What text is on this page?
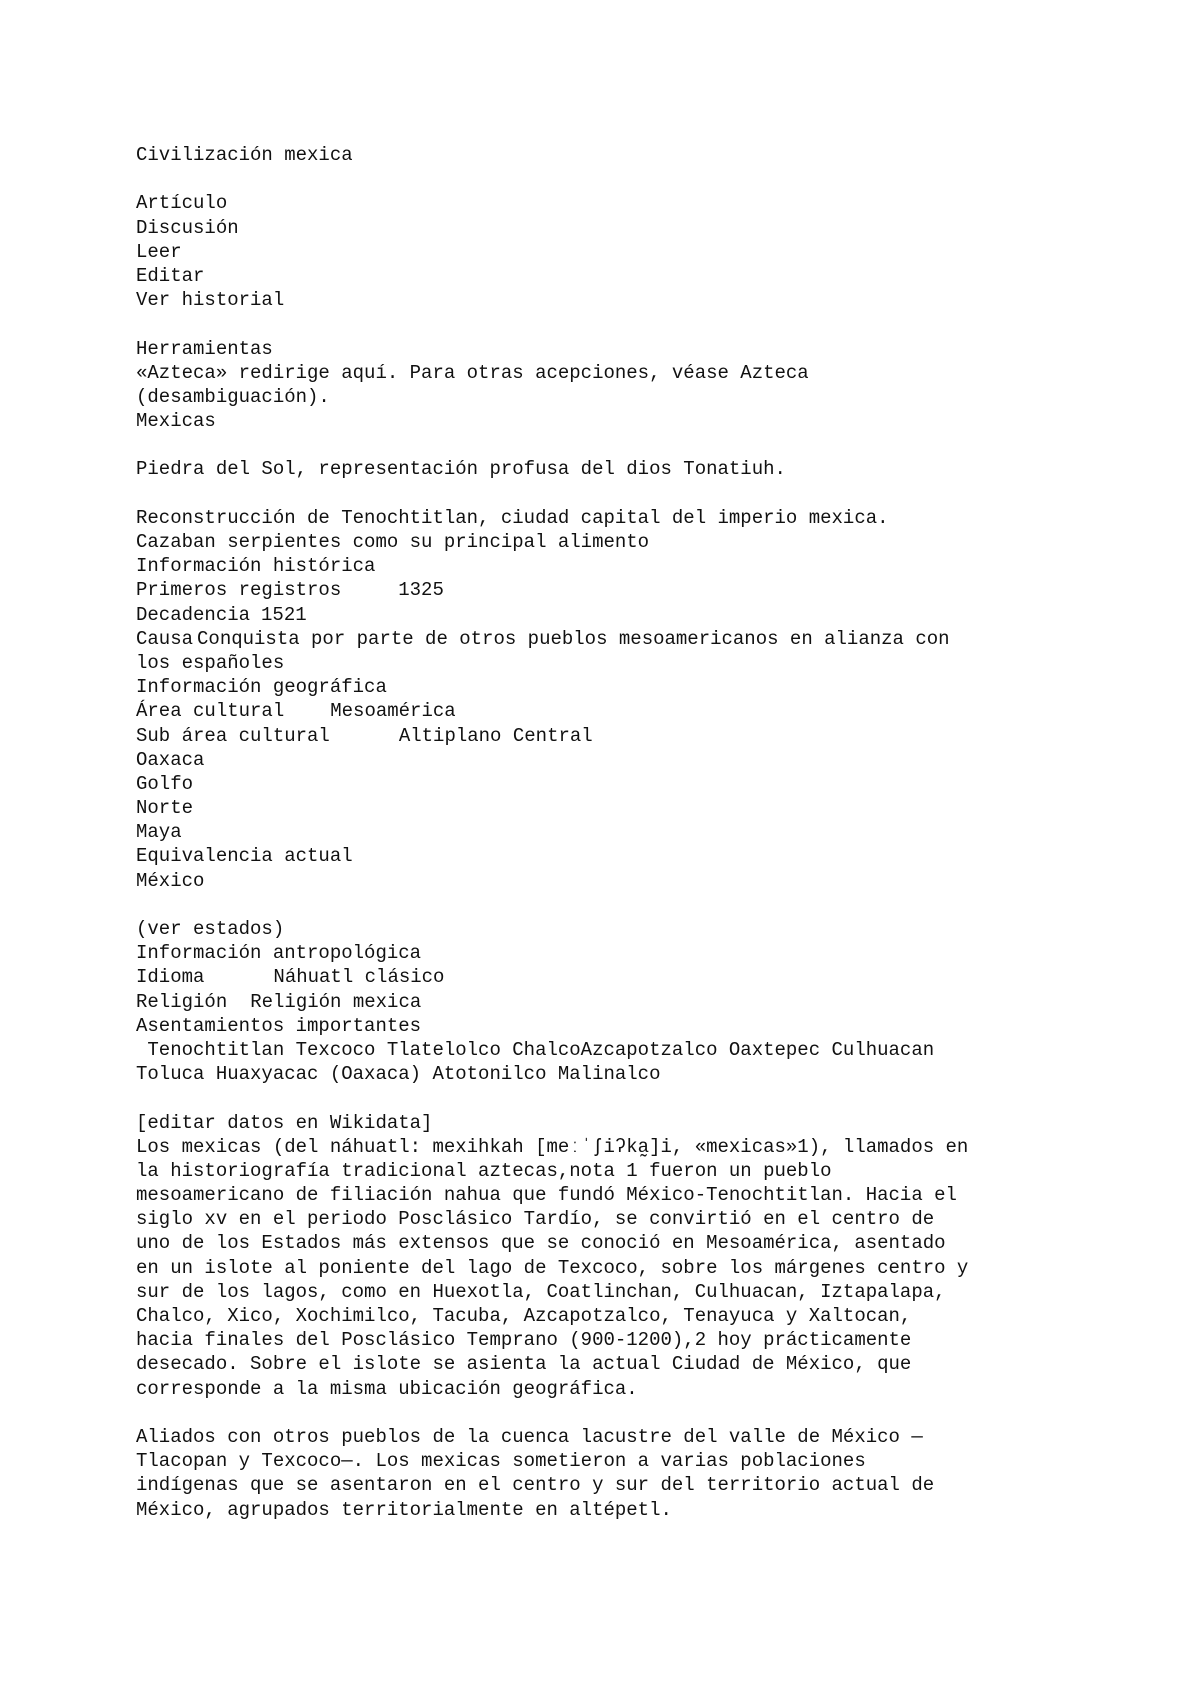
Civilización mexica
Artículo
Discusión
Leer
Editar
Ver historial
Herramientas
«Azteca» redirige aquí. Para otras acepciones, véase Azteca
(desambiguación).
Mexicas
Piedra del Sol, representación profusa del dios Tonatiuh.
Reconstrucción de Tenochtitlan, ciudad capital del imperio mexica.
Cazaban serpientes como su principal alimento
Información histórica
Primeros registros	1325
Decadencia 1521
Causa Conquista por parte de otros pueblos mesoamericanos en alianza con
los españoles
Información geográfica
Área cultural Mesoamérica
Sub área cultural	Altiplano Central
Oaxaca
Golfo
Norte
Maya
Equivalencia actual
México
(ver estados)
Información antropológica
Idioma	Náhuatl clásico
Religión Religión mexica
Asentamientos importantes
Tenochtitlan Texcoco Tlatelolco ChalcoAzcapotzalco Oaxtepec Culhuacan
Toluca Huaxyacac (Oaxaca) Atotonilco Malinalco
[editar datos en Wikidata]
Los mexicas (del náhuatl: mexihkah [meːˈʃiʔka̰]i, «mexicas»1), llamados en
la historiografía tradicional aztecas,nota 1 fueron un pueblo
mesoamericano de filiación nahua que fundó México-Tenochtitlan. Hacia el
siglo xv en el periodo Posclásico Tardío, se convirtió en el centro de
uno de los Estados más extensos que se conoció en Mesoamérica, asentado
en un islote al poniente del lago de Texcoco, sobre los márgenes centro y
sur de los lagos, como en Huexotla, Coatlinchan, Culhuacan, Iztapalapa,
Chalco, Xico, Xochimilco, Tacuba, Azcapotzalco, Tenayuca y Xaltocan,
hacia finales del Posclásico Temprano (900-1200),2 hoy prácticamente
desecado. Sobre el islote se asienta la actual Ciudad de México, que
corresponde a la misma ubicación geográfica.
Aliados con otros pueblos de la cuenca lacustre del valle de México —
Tlacopan y Texcoco—. Los mexicas sometieron a varias poblaciones
indígenas que se asentaron en el centro y sur del territorio actual de
México, agrupados territorialmente en altépetl.
